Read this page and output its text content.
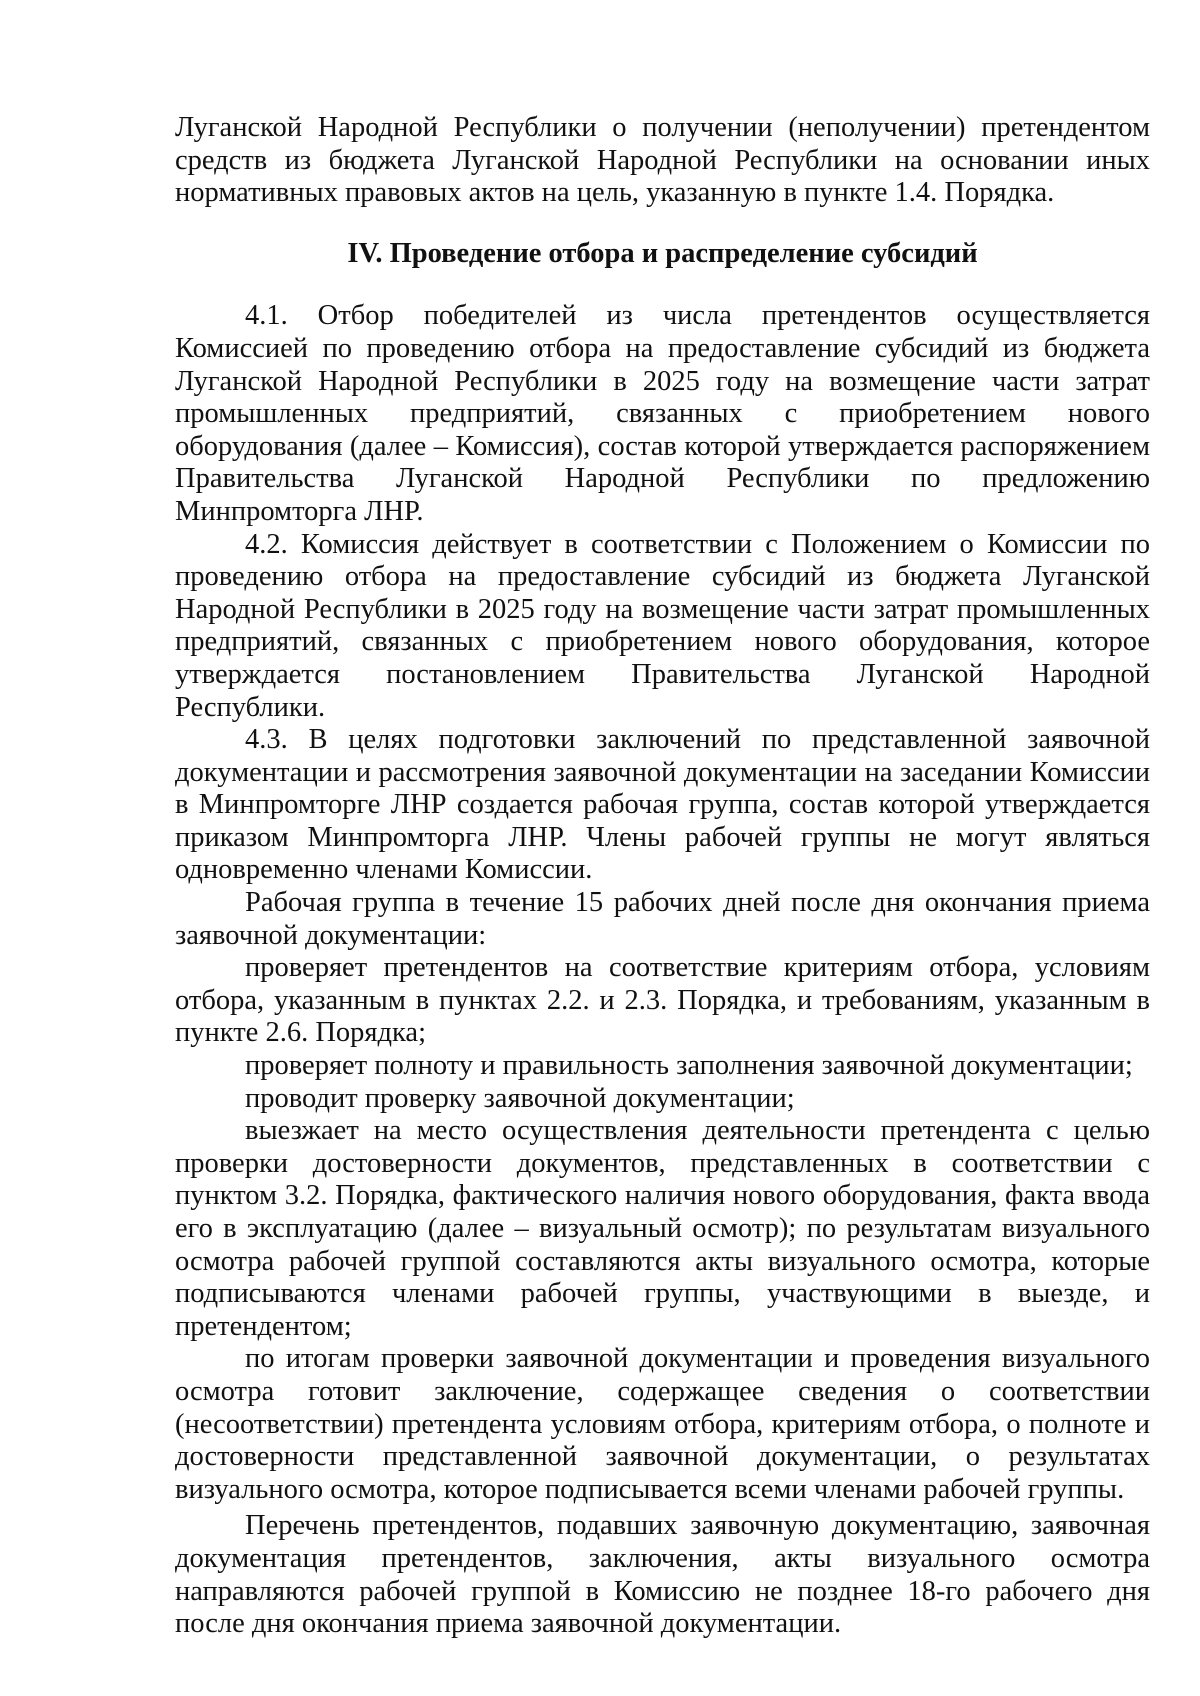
Луганской Народной Республики о получении (неполучении) претендентом средств из бюджета Луганской Народной Республики на основании иных нормативных правовых актов на цель, указанную в пункте 1.4. Порядка.

IV. Проведение отбора и распределение субсидий

4.1. Отбор победителей из числа претендентов осуществляется Комиссией по проведению отбора на предоставление субсидий из бюджета Луганской Народной Республики в 2025 году на возмещение части затрат промышленных предприятий, связанных с приобретением нового оборудования (далее – Комиссия), состав которой утверждается распоряжением Правительства Луганской Народной Республики по предложению Минпромторга ЛНР.

4.2. Комиссия действует в соответствии с Положением о Комиссии по проведению отбора на предоставление субсидий из бюджета Луганской Народной Республики в 2025 году на возмещение части затрат промышленных предприятий, связанных с приобретением нового оборудования, которое утверждается постановлением Правительства Луганской Народной Республики.

4.3. В целях подготовки заключений по представленной заявочной документации и рассмотрения заявочной документации на заседании Комиссии в Минпромторге ЛНР создается рабочая группа, состав которой утверждается приказом Минпромторга ЛНР. Члены рабочей группы не могут являться одновременно членами Комиссии.

Рабочая группа в течение 15 рабочих дней после дня окончания приема заявочной документации:

проверяет претендентов на соответствие критериям отбора, условиям отбора, указанным в пунктах 2.2. и 2.3. Порядка, и требованиям, указанным в пункте 2.6. Порядка;

проверяет полноту и правильность заполнения заявочной документации;

проводит проверку заявочной документации;

выезжает на место осуществления деятельности претендента с целью проверки достоверности документов, представленных в соответствии с пунктом 3.2. Порядка, фактического наличия нового оборудования, факта ввода его в эксплуатацию (далее – визуальный осмотр); по результатам визуального осмотра рабочей группой составляются акты визуального осмотра, которые подписываются членами рабочей группы, участвующими в выезде, и претендентом;

по итогам проверки заявочной документации и проведения визуального осмотра готовит заключение, содержащее сведения о соответствии (несоответствии) претендента условиям отбора, критериям отбора, о полноте и достоверности представленной заявочной документации, о результатах визуального осмотра, которое подписывается всеми членами рабочей группы.

Перечень претендентов, подавших заявочную документацию, заявочная документация претендентов, заключения, акты визуального осмотра направляются рабочей группой в Комиссию не позднее 18-го рабочего дня после дня окончания приема заявочной документации.
